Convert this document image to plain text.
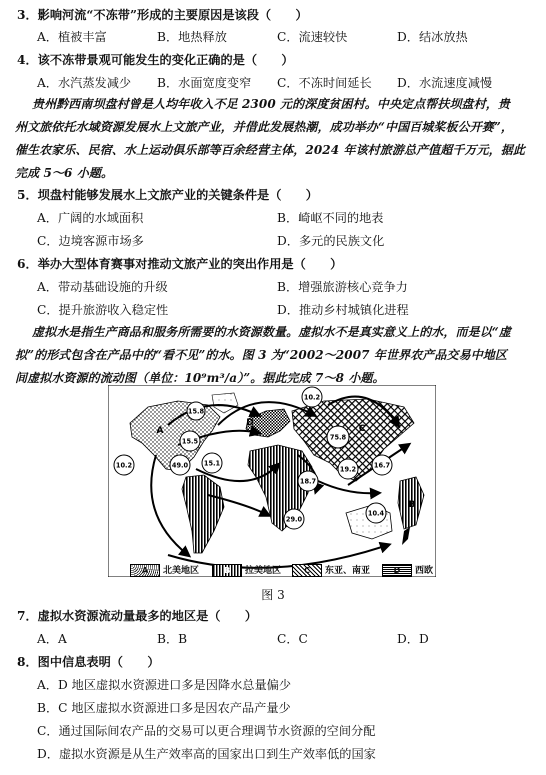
3．影响河流“不冻带”形成的主要原因是该段（　　）
A．植被丰富	B．地热释放	C．流速较快	D．结冰放热
4．该不冻带景观可能发生的变化正确的是（　　）
A．水汽蒸发减少 B．水面宽度变窄 C．不冻时间延长 D．水流速度减慢
贵州黔西南坝盘村曾是人均年收入不足 2300 元的深度贫困村。中央定点帮扶坝盘村，贵
州文旅依托水域资源发展水上文旅产业，并借此发展热潮，成功举办“中国百城桨板公开赛”，
催生农家乐、民宿、水上运动俱乐部等百余经营主体，2024 年该村旅游总产值超千万元，据此
完成 5～6 小题。
5．坝盘村能够发展水上文旅产业的关键条件是（　　）
A．广阔的水域面积	B．崎岖不同的地表
C．边境客源市场多	D．多元的民族文化
6．举办大型体育赛事对推动文旅产业的突出作用是（　　）
A．带动基础设施的升级	B．增强旅游核心竞争力
C．提升旅游收入稳定性	D．推动乡村城镇化进程
虚拟水是指生产商品和服务所需要的水资源数量。虚拟水不是真实意义上的水，而是以“虚
拟”的形式包含在产品中的“看不见”的水。图 3 为“2002～2007 年世界农产品交易中地区
间虚拟水资源的流动图（单位：10⁹m³/a）”。据此完成 7～8 小题。
15.8
10.2
15.5
10.2
49.0 15.1
75.8
16.7
19.2
18.7
29.0
10.4
A
D
C
B
A 北美地区	B 拉美地区	C 东亚、南亚	D 西欧
图 3
7．虚拟水资源流动量最多的地区是（　　）
A．A	B．B	C．C	D．D
8．图中信息表明（　　）
A．D 地区虚拟水资源进口多是因降水总量偏少
B．C 地区虚拟水资源进口多是因农产品产量少
C．通过国际间农产品的交易可以更合理调节水资源的空间分配
D．虚拟水资源是从生产效率高的国家出口到生产效率低的国家
